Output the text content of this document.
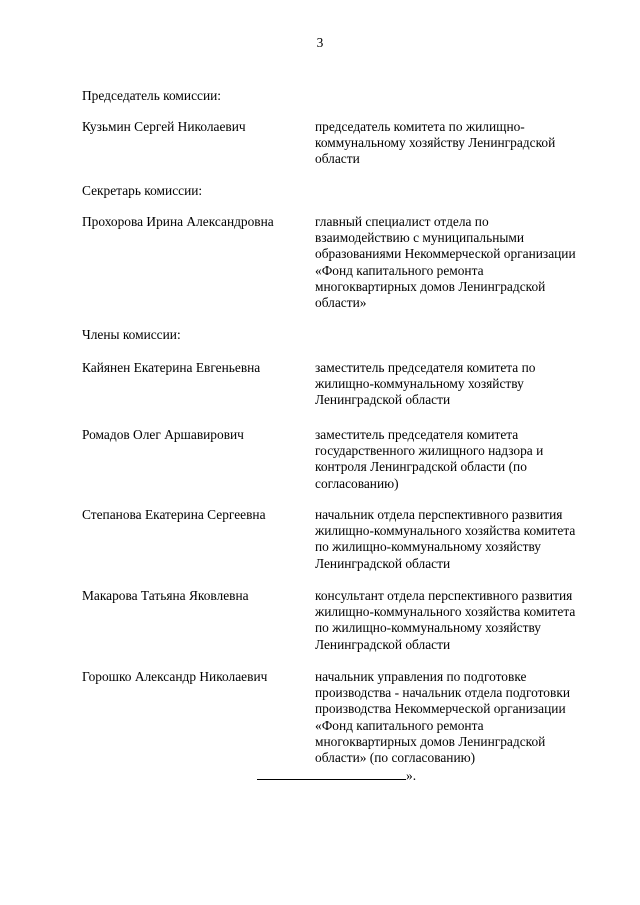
3
Председатель комиссии:
Кузьмин Сергей Николаевич	председатель комитета по жилищно-
коммунальному хозяйству Ленинградской
области
Секретарь комиссии:
Прохорова Ирина Александровна	главный специалист отдела по
взаимодействию с муниципальными
образованиями Некоммерческой организации
«Фонд капитального ремонта
многоквартирных домов Ленинградской
области»
Члены комиссии:
Кайянен Екатерина Евгеньевна	заместитель председателя комитета по
жилищно-коммунальному хозяйству
Ленинградской области
Ромадов Олег Аршавирович	заместитель председателя комитета
государственного жилищного надзора и
контроля Ленинградской области (по
согласованию)
Степанова Екатерина Сергеевна	начальник отдела перспективного развития
жилищно-коммунального хозяйства комитета
по жилищно-коммунальному хозяйству
Ленинградской области
Макарова Татьяна Яковлевна	консультант отдела перспективного развития
жилищно-коммунального хозяйства комитета
по жилищно-коммунальному хозяйству
Ленинградской области
Горошко Александр Николаевич	начальник управления по подготовке
производства - начальник отдела подготовки
производства Некоммерческой организации
«Фонд капитального ремонта
многоквартирных домов Ленинградской
области» (по согласованию)
».
